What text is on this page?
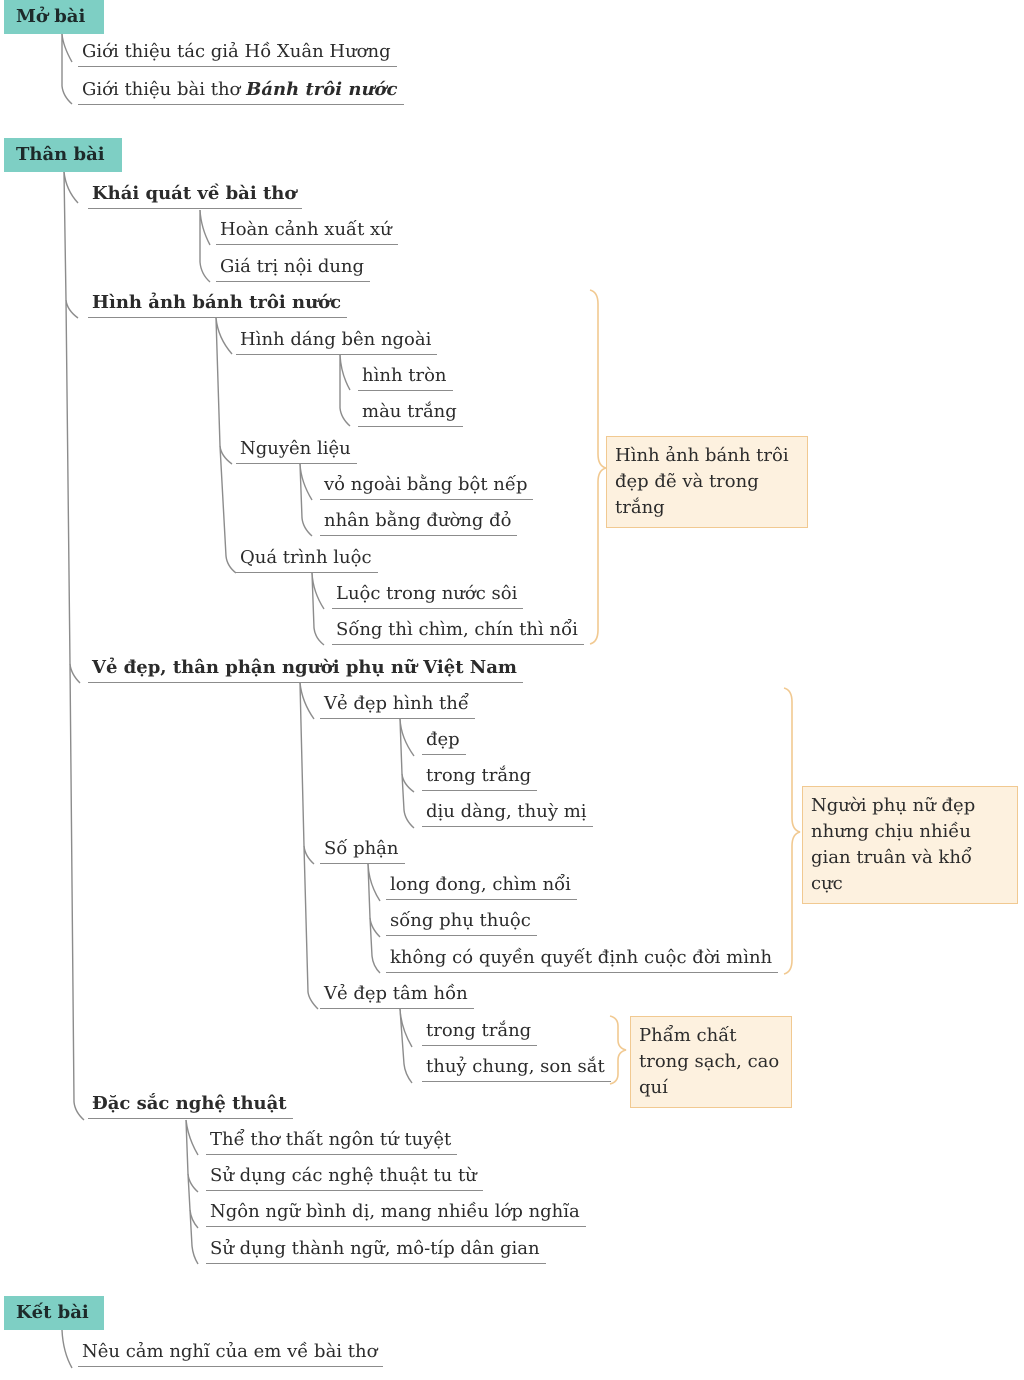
Mở bài
Thân bài
Kết bài
Giới thiệu tác giả Hồ Xuân Hương
Giới thiệu bài thơ Bánh trôi nước
Khái quát về bài thơ
Hoàn cảnh xuất xứ
Giá trị nội dung
Hình ảnh bánh trôi nước
Hình dáng bên ngoài
hình tròn
màu trắng
Nguyên liệu
vỏ ngoài bằng bột nếp
nhân bằng đường đỏ
Quá trình luộc
Luộc trong nước sôi
Sống thì chìm, chín thì nổi
Hình ảnh bánh trôi đẹp đẽ và trong trắng
Vẻ đẹp, thân phận người phụ nữ Việt Nam
Vẻ đẹp hình thể
đẹp
trong trắng
dịu dàng, thuỳ mị
Số phận
long đong, chìm nổi
sống phụ thuộc
không có quyền quyết định cuộc đời mình
Người phụ nữ đẹp nhưng chịu nhiều gian truân và khổ cực
Vẻ đẹp tâm hồn
trong trắng
thuỷ chung, son sắt
Phẩm chất trong sạch, cao quí
Đặc sắc nghệ thuật
Thể thơ thất ngôn tứ tuyệt
Sử dụng các nghệ thuật tu từ
Ngôn ngữ bình dị, mang nhiều lớp nghĩa
Sử dụng thành ngữ, mô-típ dân gian
Nêu cảm nghĩ của em về bài thơ
